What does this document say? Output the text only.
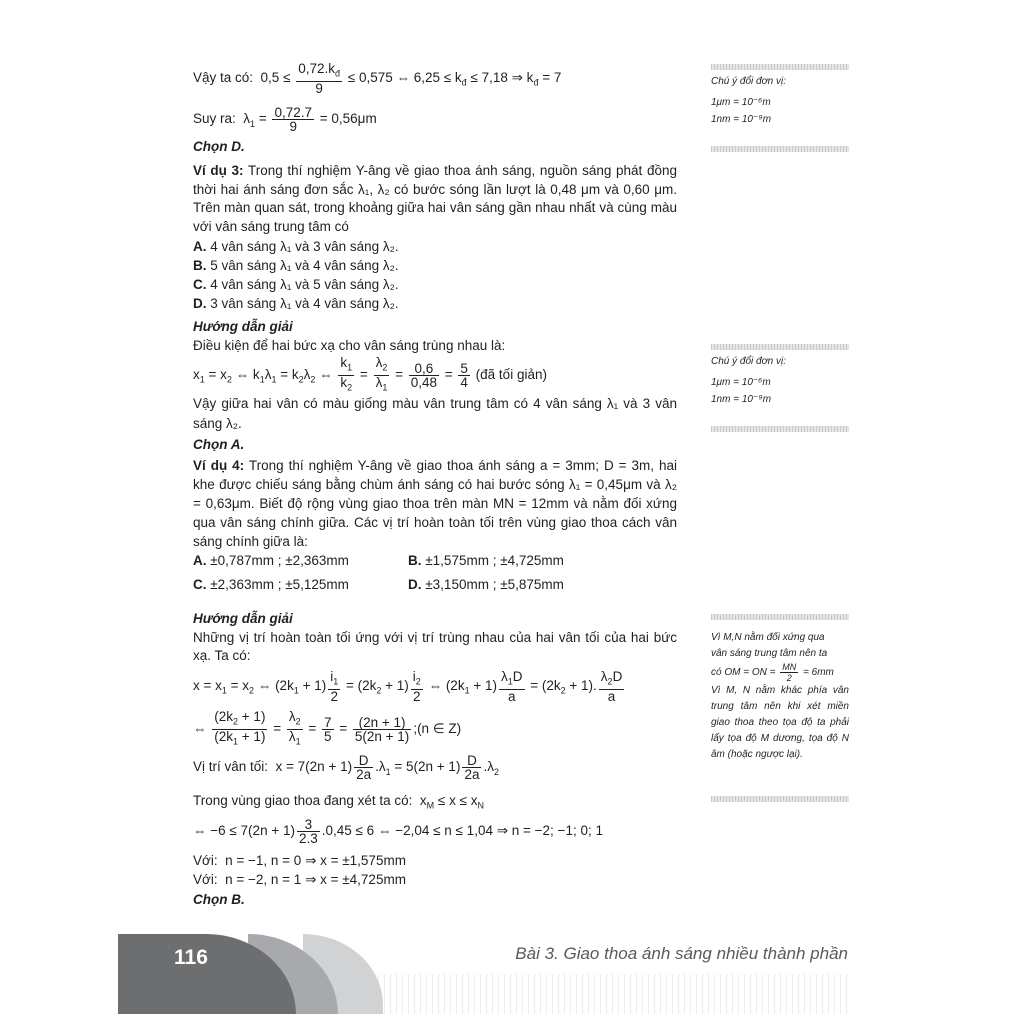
Vậy ta có:  $0,5 \le \frac{0,72.k_đ}{9} \le 0,575$ ⇔ $6,25 \le k_đ \le 7,18$ ⇒ $k_đ = 7$
Suy ra:  $\lambda_1 = \frac{0,72.7}{9} = 0,56\mu m$
Chọn D.
Ví dụ 3: Trong thí nghiệm Y-âng về giao thoa ánh sáng, nguồn sáng phát đồng thời hai ánh sáng đơn sắc λ₁, λ₂ có bước sóng lần lượt là 0,48 μm và 0,60 μm. Trên màn quan sát, trong khoảng giữa hai vân sáng gần nhau nhất và cùng màu với vân sáng trung tâm có
A. 4 vân sáng λ₁ và 3 vân sáng λ₂.
B. 5 vân sáng λ₁ và 4 vân sáng λ₂.
C. 4 vân sáng λ₁ và 5 vân sáng λ₂.
D. 3 vân sáng λ₁ và 4 vân sáng λ₂.
Hướng dẫn giải
Điều kiện để hai bức xạ cho vân sáng trùng nhau là:
$x_1 = x_2$ ⇔ $k_1\lambda_1 = k_2\lambda_2$ ⇔ $\frac{k_1}{k_2} = \frac{\lambda_2}{\lambda_1} = \frac{0,6}{0,48} = \frac{5}{4}$ (đã tối giản)
Vậy giữa hai vân có màu giống màu vân trung tâm có 4 vân sáng λ₁ và 3 vân sáng λ₂.
Chọn A.
Ví dụ 4: Trong thí nghiệm Y-âng về giao thoa ánh sáng a = 3mm; D = 3m, hai khe được chiếu sáng bằng chùm ánh sáng có hai bước sóng λ₁ = 0,45μm và λ₂ = 0,63μm. Biết độ rộng vùng giao thoa trên màn MN = 12mm và nằm đối xứng qua vân sáng chính giữa. Các vị trí hoàn toàn tối trên vùng giao thoa cách vân sáng chính giữa là:
A. ±0,787mm ; ±2,363mm	B. ±1,575mm ; ±4,725mm
C. ±2,363mm ; ±5,125mm	D. ±3,150mm ; ±5,875mm
Hướng dẫn giải
Những vị trí hoàn toàn tối ứng với vị trí trùng nhau của hai vân tối của hai bức xạ. Ta có:
$x = x_1 = x_2$ ⇔ $(2k_1 + 1) \frac{i_1}{2} = (2k_2 + 1) \frac{i_2}{2}$ ⇔ $(2k_1 + 1) \frac{\lambda_1D}{a} = (2k_2 + 1)$. $\frac{\lambda_2D}{a}$
⇔ $\frac{(2k_2 + 1)}{(2k_1 + 1)} = \frac{\lambda_2}{\lambda_1} = \frac{7}{5} = \frac{(2n + 1)}{5(2n + 1)}$ ;(n ∈ Z)
Vị trí vân tối:  $x = 7(2n + 1) \frac{D}{2a} .\lambda_1 = 5(2n + 1) \frac{D}{2a} .\lambda_2$
Trong vùng giao thoa đang xét ta có:  $x_M \le x \le x_N$
⇔ $-6 \le 7(2n + 1) \frac{3}{2.3} .0,45 \le 6$ ⇔ −2,04 ≤ n ≤ 1,04 ⇒ n = −2; −1; 0; 1
Với: n = −1, n = 0 ⇒ x = ±1,575mm
Với: n = −2, n = 1 ⇒ x = ±4,725mm
Chọn B.
Chú ý đổi đơn vị:
1μm = 10⁻⁶m
1nm = 10⁻⁹m
Chú ý đổi đơn vị:
1μm = 10⁻⁶m
1nm = 10⁻⁹m
Vì M,N nằm đối xứng qua
vân sáng trung tâm nên ta
có OM = ON = $\frac{MN}{2} = 6mm$
Vì M, N nằm khác phía vân trung tâm nên khi xét miền giao thoa theo tọa độ ta phải lấy tọa độ M dương, tọa độ N âm (hoặc ngược lại).
116	Bài 3. Giao thoa ánh sáng nhiều thành phần
